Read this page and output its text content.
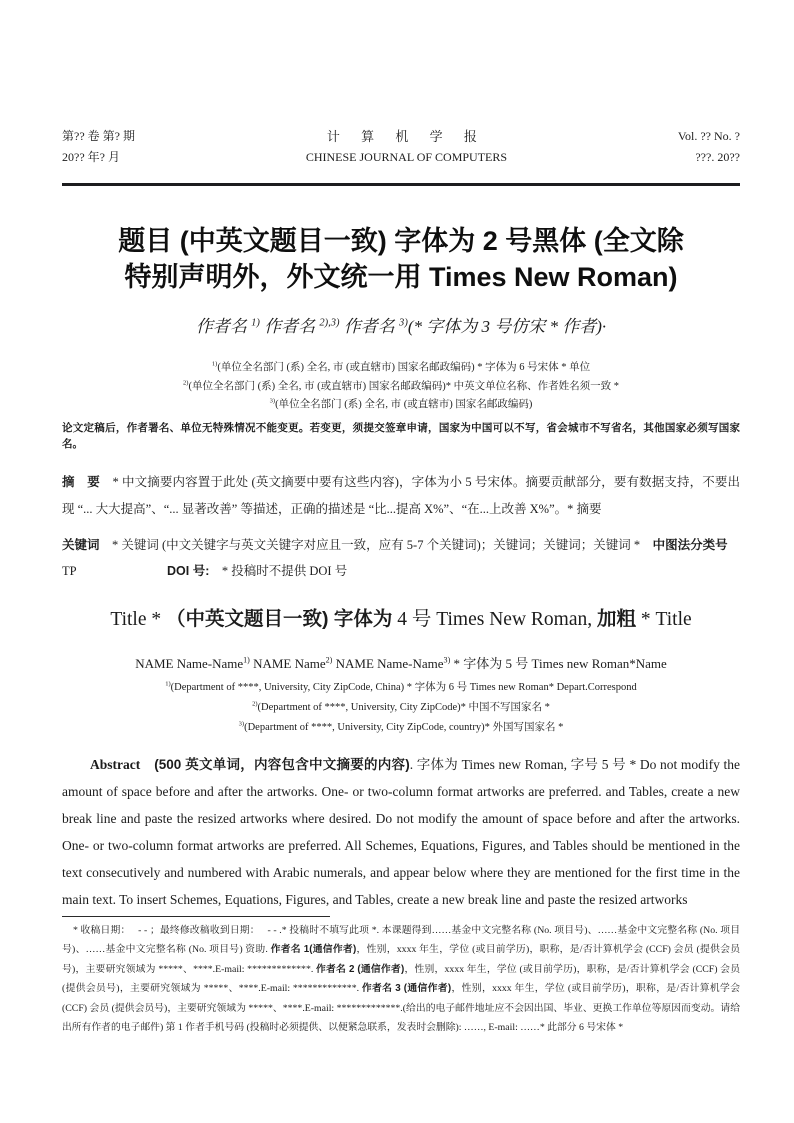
第?? 卷 第? 期
20?? 年? 月
计 算 机 学 报
CHINESE JOURNAL OF COMPUTERS
Vol. ?? No. ?
???. 20??
题目 (中英文题目一致) 字体为 2 号黑体 (全文除
特别声明外，外文统一用 Times New Roman)
作者名 $^{1)}$ 作者名 $^{2),3)}$ 作者名 $^{3)}$(* 字体为 3 号仿宋 * 作者)·
$^{1)}$(单位全名部门 (系) 全名, 市 (或直辖市) 国家名邮政编码) * 字体为 6 号宋体 * 单位
$^{2)}$(单位全名部门 (系) 全名, 市 (或直辖市) 国家名邮政编码)* 中英文单位名称、作者姓名须一致 *
$^{3)}$(单位全名部门 (系) 全名, 市 (或直辖市) 国家名邮政编码)

论文定稿后，作者署名、单位无特殊情况不能变更。若变更，须提交签章申请，国家为中国可以不写，省会城市不写省名，其他国家必须写国家名。

摘　要　* 中文摘要内容置于此处 (英文摘要中要有这些内容)，字体为小 5 号宋体。摘要贡献部分，要有数据支持，不要出现 “... 大大提高”、“... 显著改善” 等描述，正确的描述是 “比...提高 X%”、“在...上改善 X%”。* 摘要

关键词　* 关键词 (中文关键字与英文关键字对应且一致，应有 5-7 个关键词)；关键词；关键词；关键词 *　中图法分类号
TP	DOI 号:　* 投稿时不提供 DOI 号
Title * （中英文题目一致) 字体为 4 号 Times New Roman, 加粗 * Title
NAME Name-Name$^{1)}$ NAME Name$^{2)}$ NAME Name-Name$^{3)}$ * 字体为 5 号 Times new Roman*Name
$^{1)}$(Department of ****, University, City ZipCode, China) * 字体为 6 号 Times new Roman* Depart.Correspond
$^{2)}$(Department of ****, University, City ZipCode)* 中国不写国家名 *
$^{3)}$(Department of ****, University, City ZipCode, country)* 外国写国家名 *

Abstract　(500 英文单词，内容包含中文摘要的内容). 字体为 Times new Roman, 字号 5 号 * Do not modify the amount of space before and after the artworks. One- or two-column format artworks are preferred. and Tables, create a new break line and paste the resized artworks where desired. Do not modify the amount of space before and after the artworks. One- or two-column format artworks are preferred. All Schemes, Equations, Figures, and Tables should be mentioned in the text consecutively and numbered with Arabic numerals, and appear below where they are mentioned for the first time in the main text. To insert Schemes, Equations, Figures, and Tables, create a new break line and paste the resized artworks

* 收稿日期：　 - - ；最终修改稿收到日期：　 - - .* 投稿时不填写此项 *. 本课题得到……基金中文完整名称 (No. 项目号)、……基金中文完整名称 (No. 项目号)、……基金中文完整名称 (No. 项目号) 资助. 作者名 1(通信作者)，性别，xxxx 年生，学位 (或目前学历)，职称，是/否计算机学会 (CCF) 会员 (提供会员号)，主要研究领域为 *****、****.E-mail: *************. 作者名 2 (通信作者)，性别，xxxx 年生，学位 (或目前学历)，职称，是/否计算机学会 (CCF) 会员 (提供会员号)，主要研究领域为 *****、****.E-mail: *************. 作者名 3 (通信作者)，性别，xxxx 年生，学位 (或目前学历)，职称，是/否计算机学会 (CCF) 会员 (提供会员号)，主要研究领域为 *****、****.E-mail: *************.(给出的电子邮件地址应不会因出国、毕业、更换工作单位等原因而变动。请给出所有作者的电子邮件) 第 1 作者手机号码 (投稿时必须提供、以便紧急联系，发表时会删除): ……, E-mail: ……* 此部分 6 号宋体 *
